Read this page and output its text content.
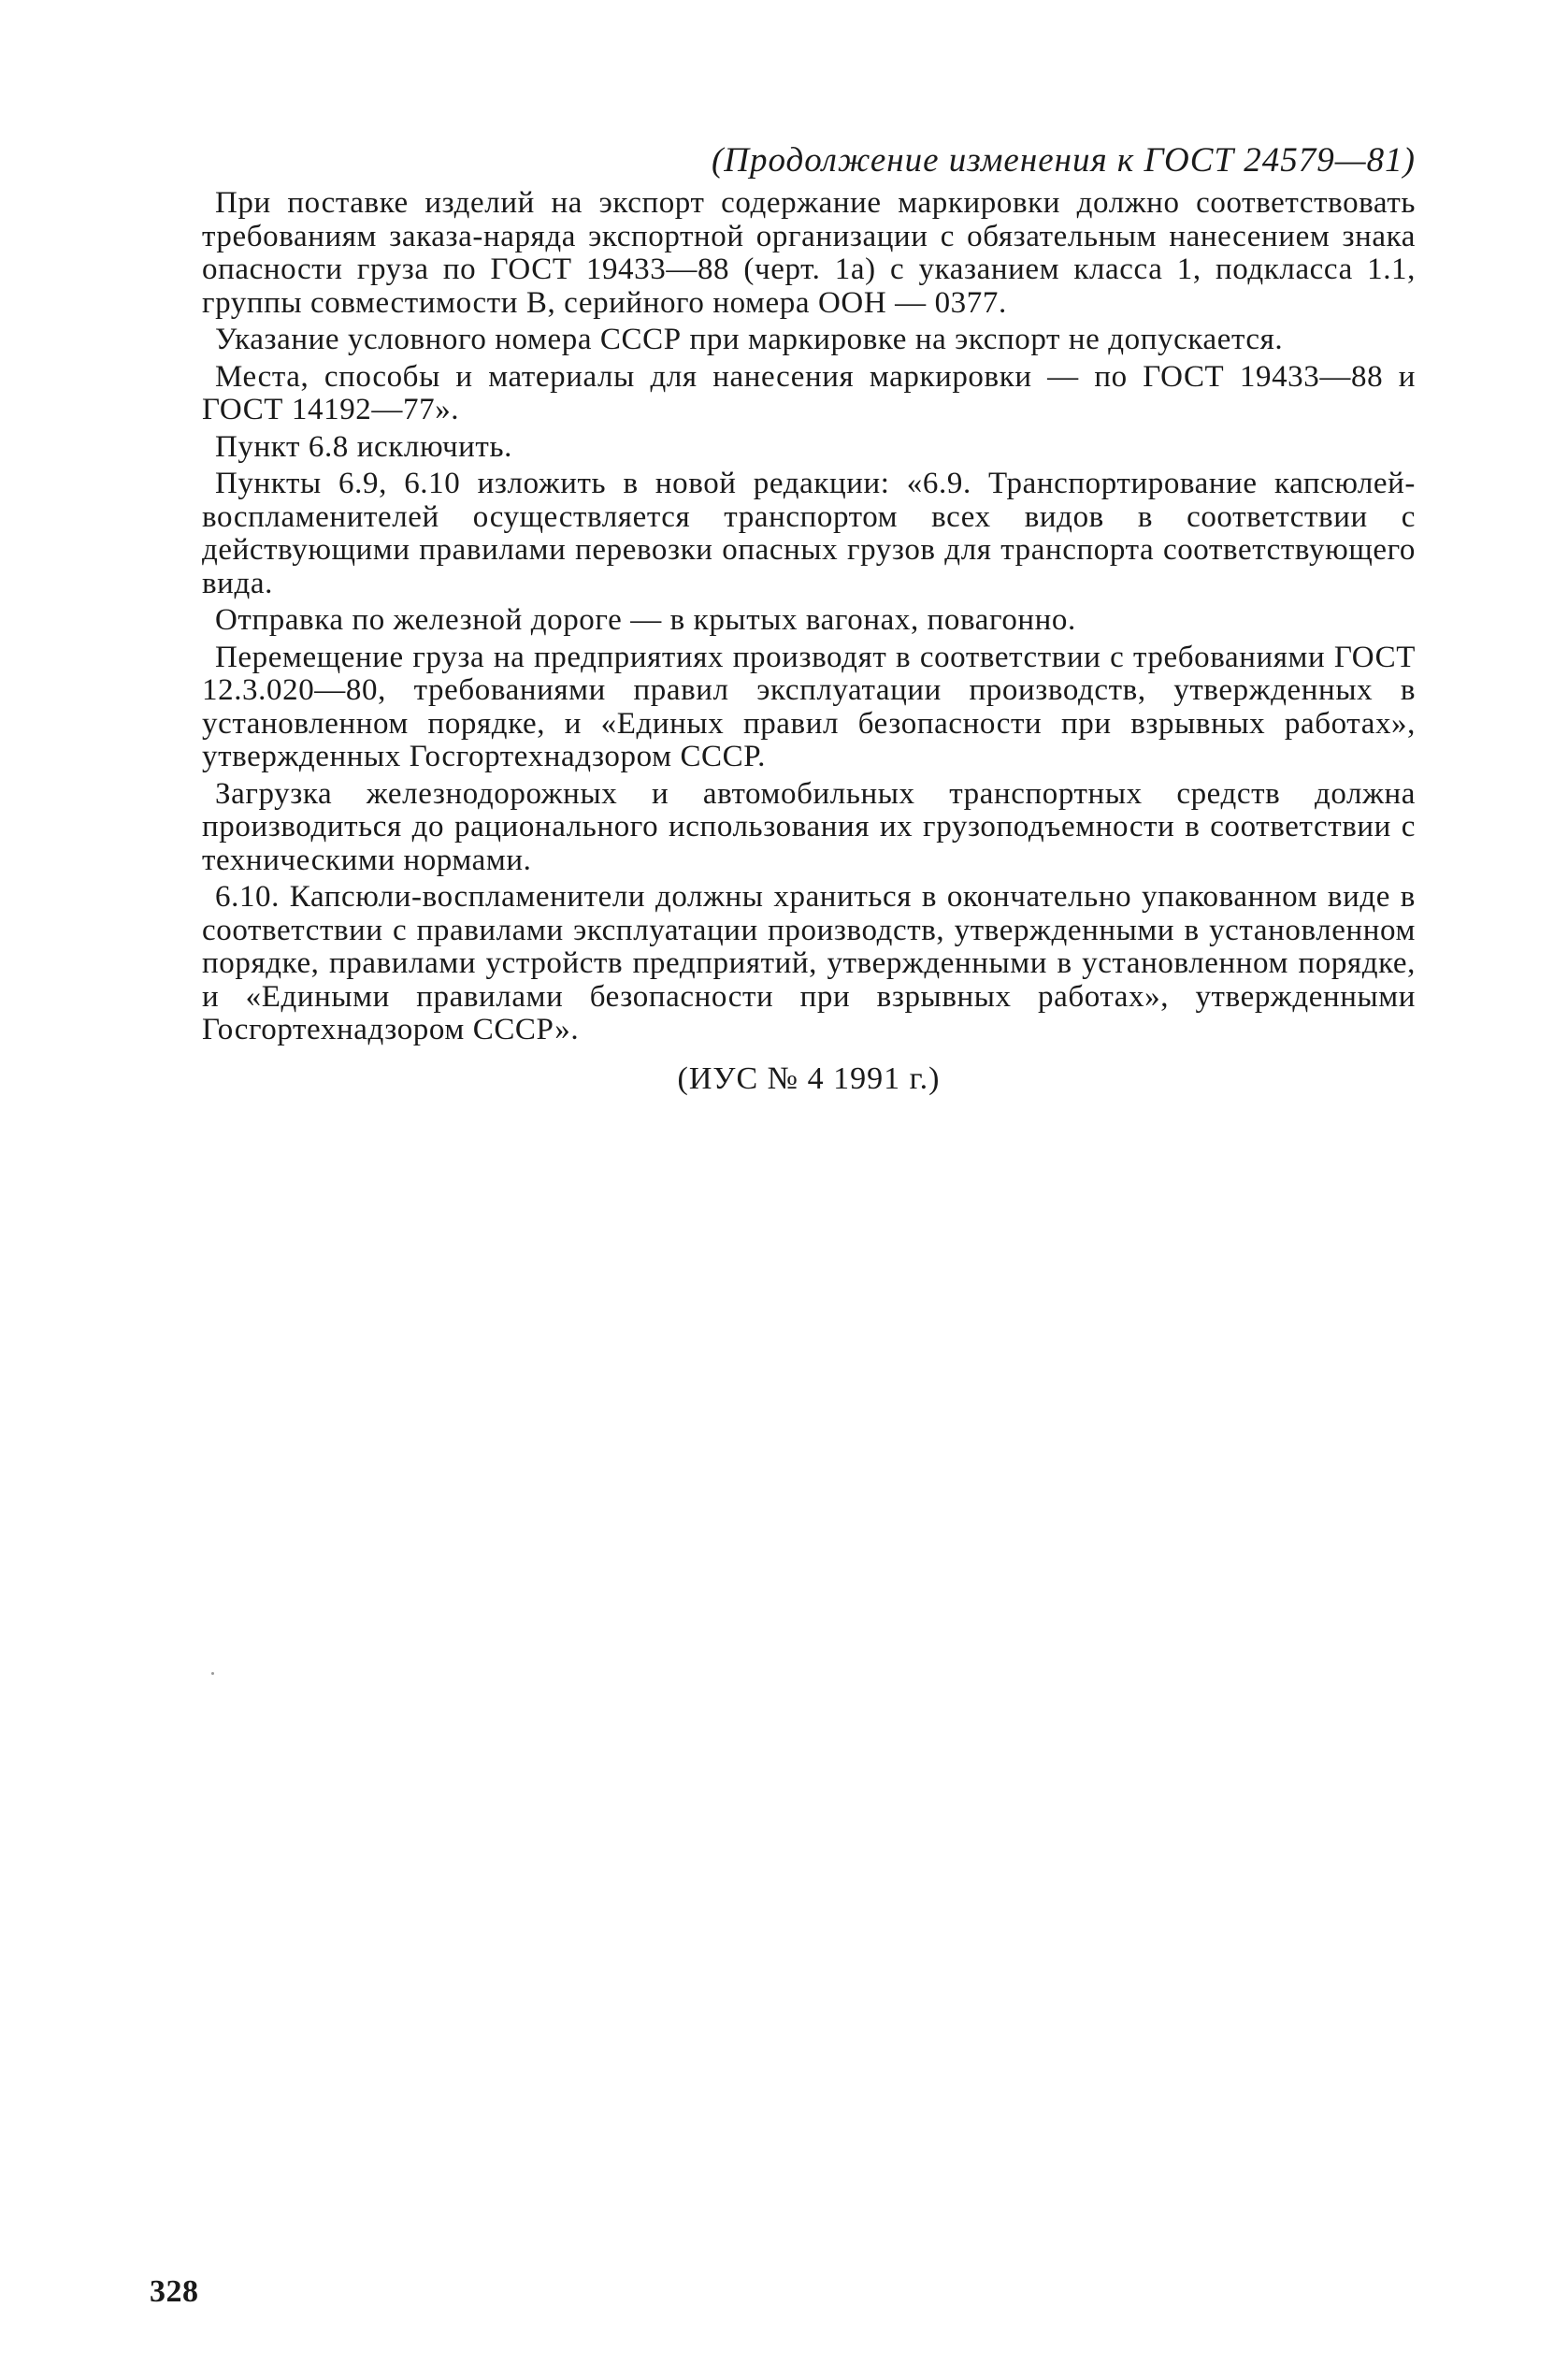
(Продолжение изменения к ГОСТ 24579—81)

При поставке изделий на экспорт содержание маркировки должно соответствовать требованиям заказа-наряда экспортной организации с обязательным нанесением знака опасности груза по ГОСТ 19433—88 (черт. 1а) с указанием класса 1, подкласса 1.1, группы совместимости В, серийного номера ООН — 0377.

Указание условного номера СССР при маркировке на экспорт не допускается.

Места, способы и материалы для нанесения маркировки — по ГОСТ 19433—88 и ГОСТ 14192—77».

Пункт 6.8 исключить.

Пункты 6.9, 6.10 изложить в новой редакции: «6.9. Транспортирование капсюлей-воспламенителей осуществляется транспортом всех видов в соответствии с действующими правилами перевозки опасных грузов для транспорта соответствующего вида.

Отправка по железной дороге — в крытых вагонах, повагонно.

Перемещение груза на предприятиях производят в соответствии с требованиями ГОСТ 12.3.020—80, требованиями правил эксплуатации производств, утвержденных в установленном порядке, и «Единых правил безопасности при взрывных работах», утвержденных Госгортехнадзором СССР.

Загрузка железнодорожных и автомобильных транспортных средств должна производиться до рационального использования их грузоподъемности в соответствии с техническими нормами.

6.10. Капсюли-воспламенители должны храниться в окончательно упакованном виде в соответствии с правилами эксплуатации производств, утвержденными в установленном порядке, правилами устройств предприятий, утвержденными в установленном порядке, и «Едиными правилами безопасности при взрывных работах», утвержденными Госгортехнадзором СССР».

(ИУС № 4 1991 г.)
328
